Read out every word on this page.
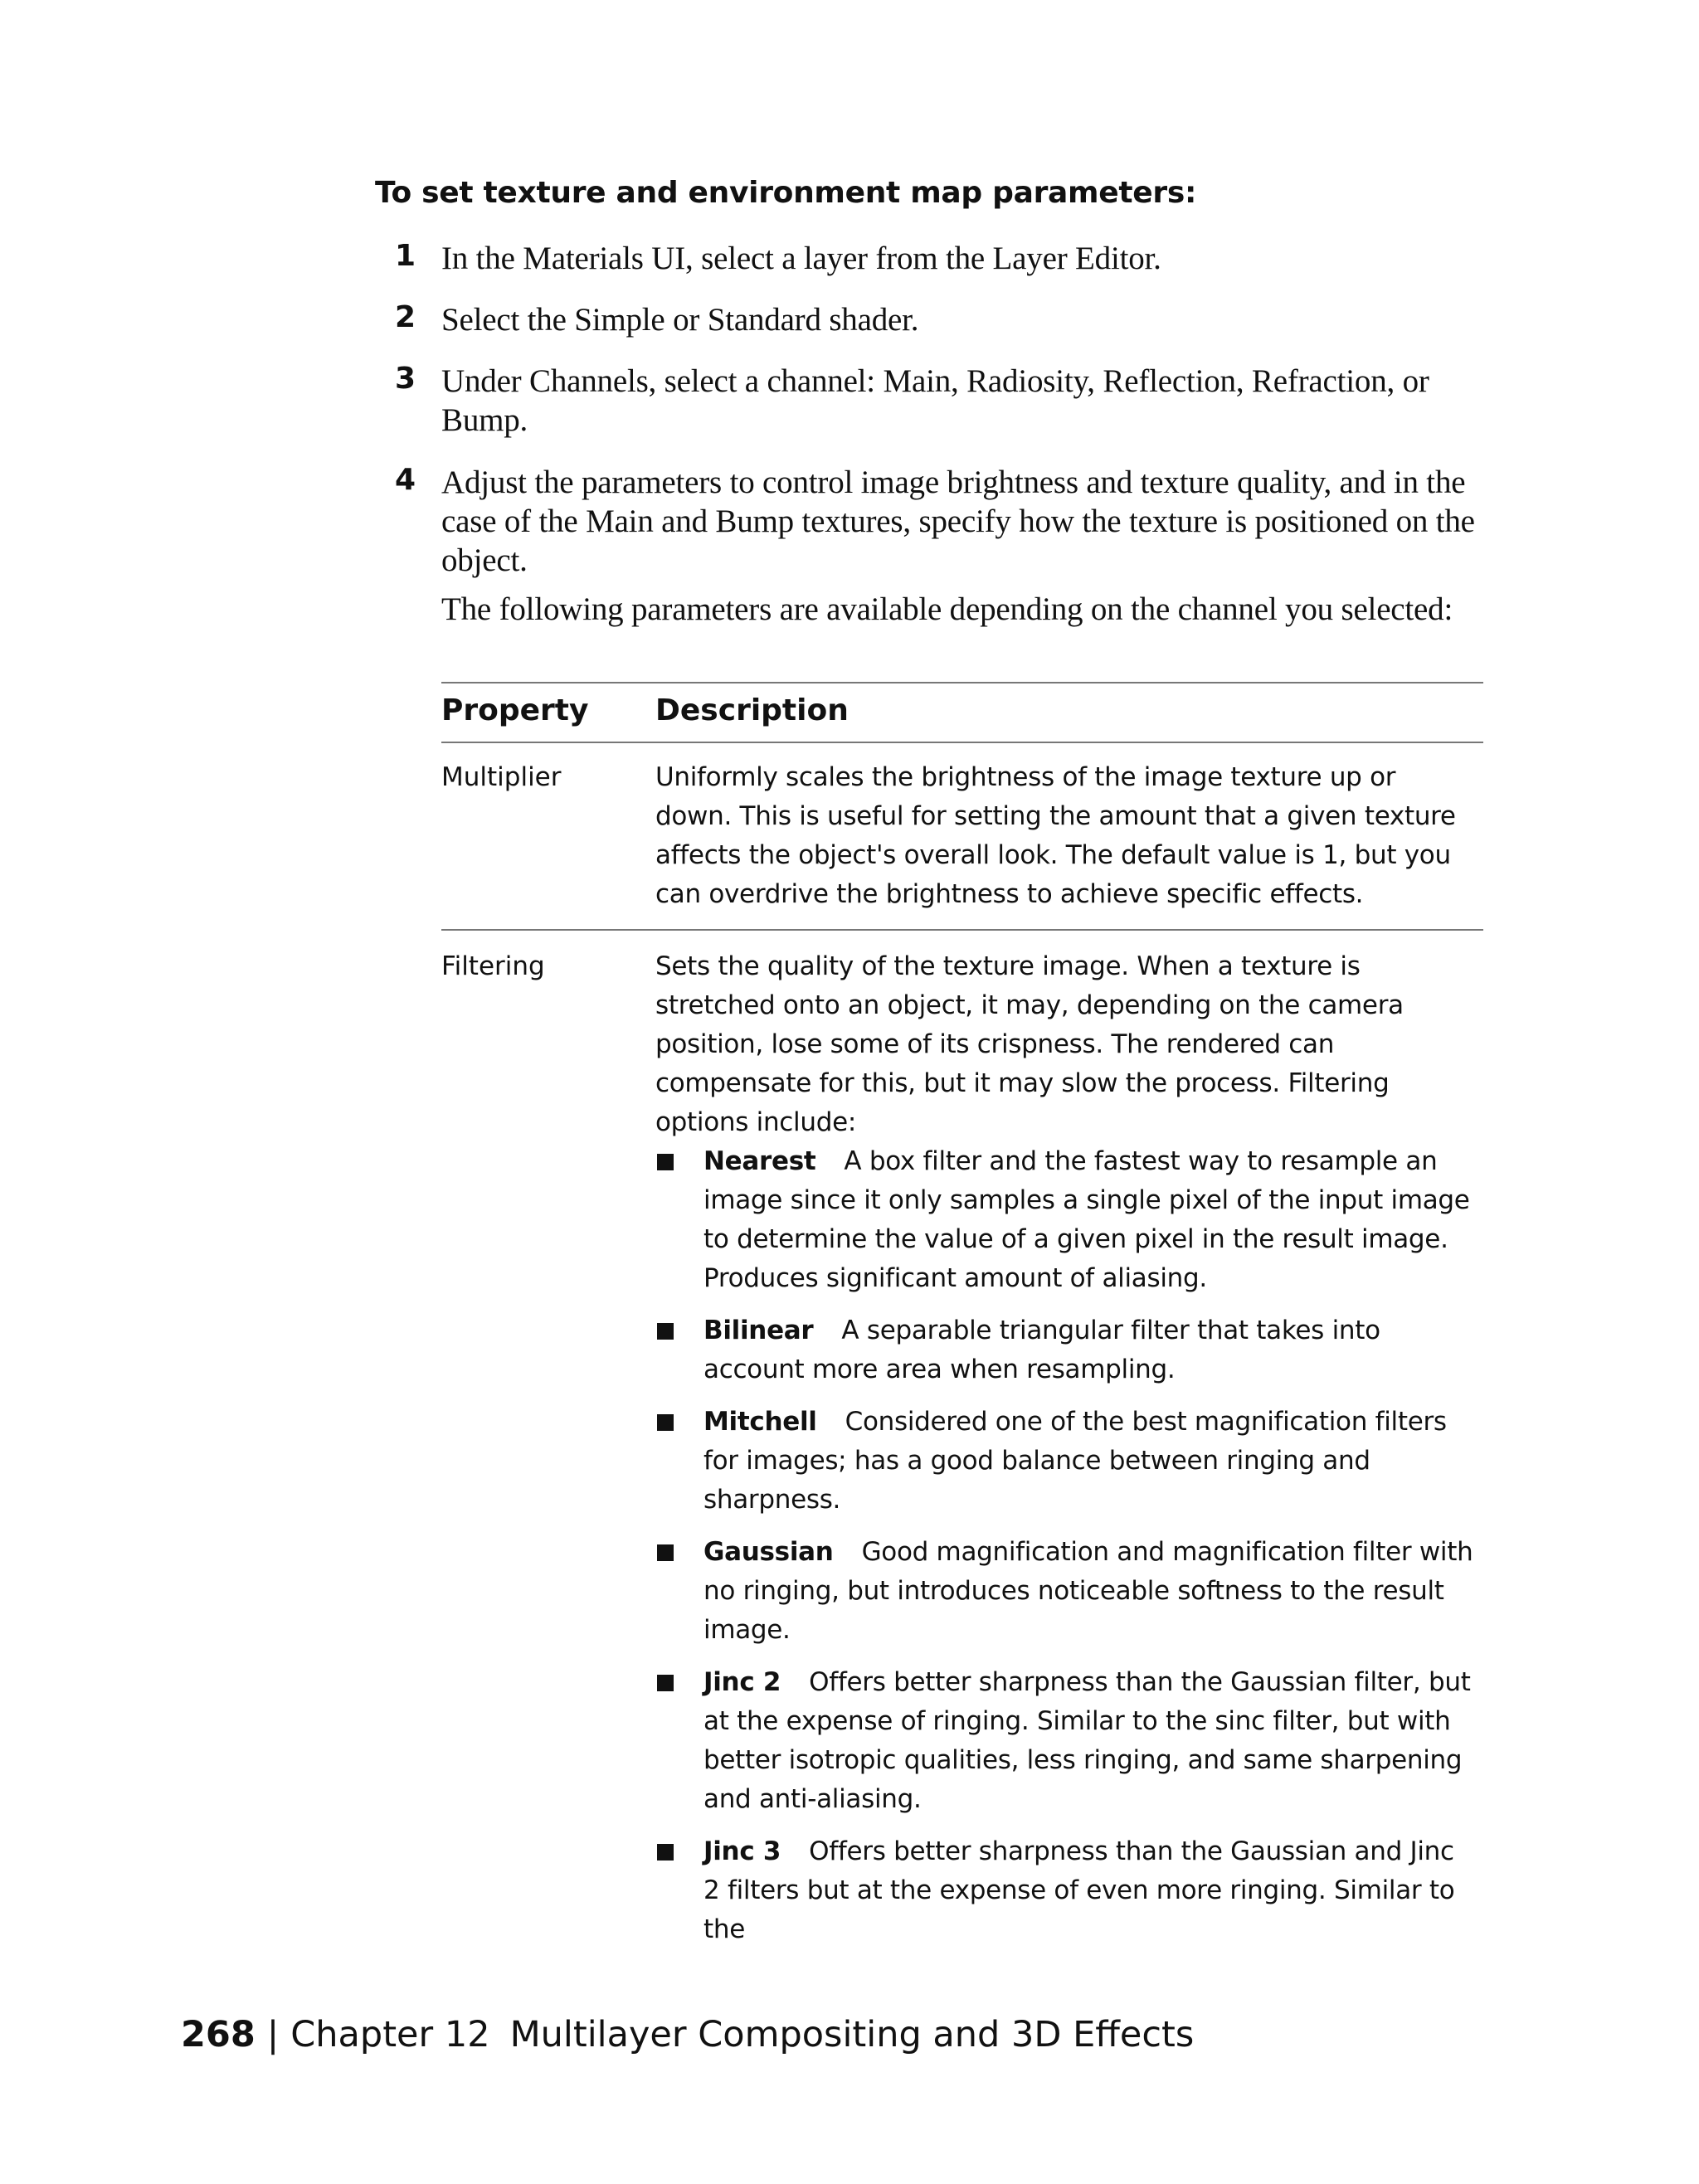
To set texture and environment map parameters:
1 In the Materials UI, select a layer from the Layer Editor.
2 Select the Simple or Standard shader.
3 Under Channels, select a channel: Main, Radiosity, Reflection, Refraction, or Bump.
4 Adjust the parameters to control image brightness and texture quality, and in the case of the Main and Bump textures, specify how the texture is positioned on the object.
The following parameters are available depending on the channel you selected:
Property Description
Multiplier	Uniformly scales the brightness of the image texture up or down. This is useful for setting the amount that a given texture affects the object's overall look. The default value is 1, but you can overdrive the brightness to achieve specific effects.
Filtering	Sets the quality of the texture image. When a texture is stretched onto an object, it may, depending on the camera position, lose some of its crispness. The rendered can compensate for this, but it may slow the process. Filtering options include:
Nearest A box filter and the fastest way to resample an image since it only samples a single pixel of the input image to determine the value of a given pixel in the result image. Produces significant amount of aliasing.
Bilinear A separable triangular filter that takes into account more area when resampling.
Mitchell Considered one of the best magnification filters for images; has a good balance between ringing and sharpness.
Gaussian Good magnification and magnification filter with no ringing, but introduces noticeable softness to the result image.
Jinc 2 Offers better sharpness than the Gaussian filter, but at the expense of ringing. Similar to the sinc filter, but with better isotropic qualities, less ringing, and same sharpening and anti-aliasing.
Jinc 3 Offers better sharpness than the Gaussian and Jinc 2 filters but at the expense of even more ringing. Similar to the
268 | Chapter 12 Multilayer Compositing and 3D Effects
